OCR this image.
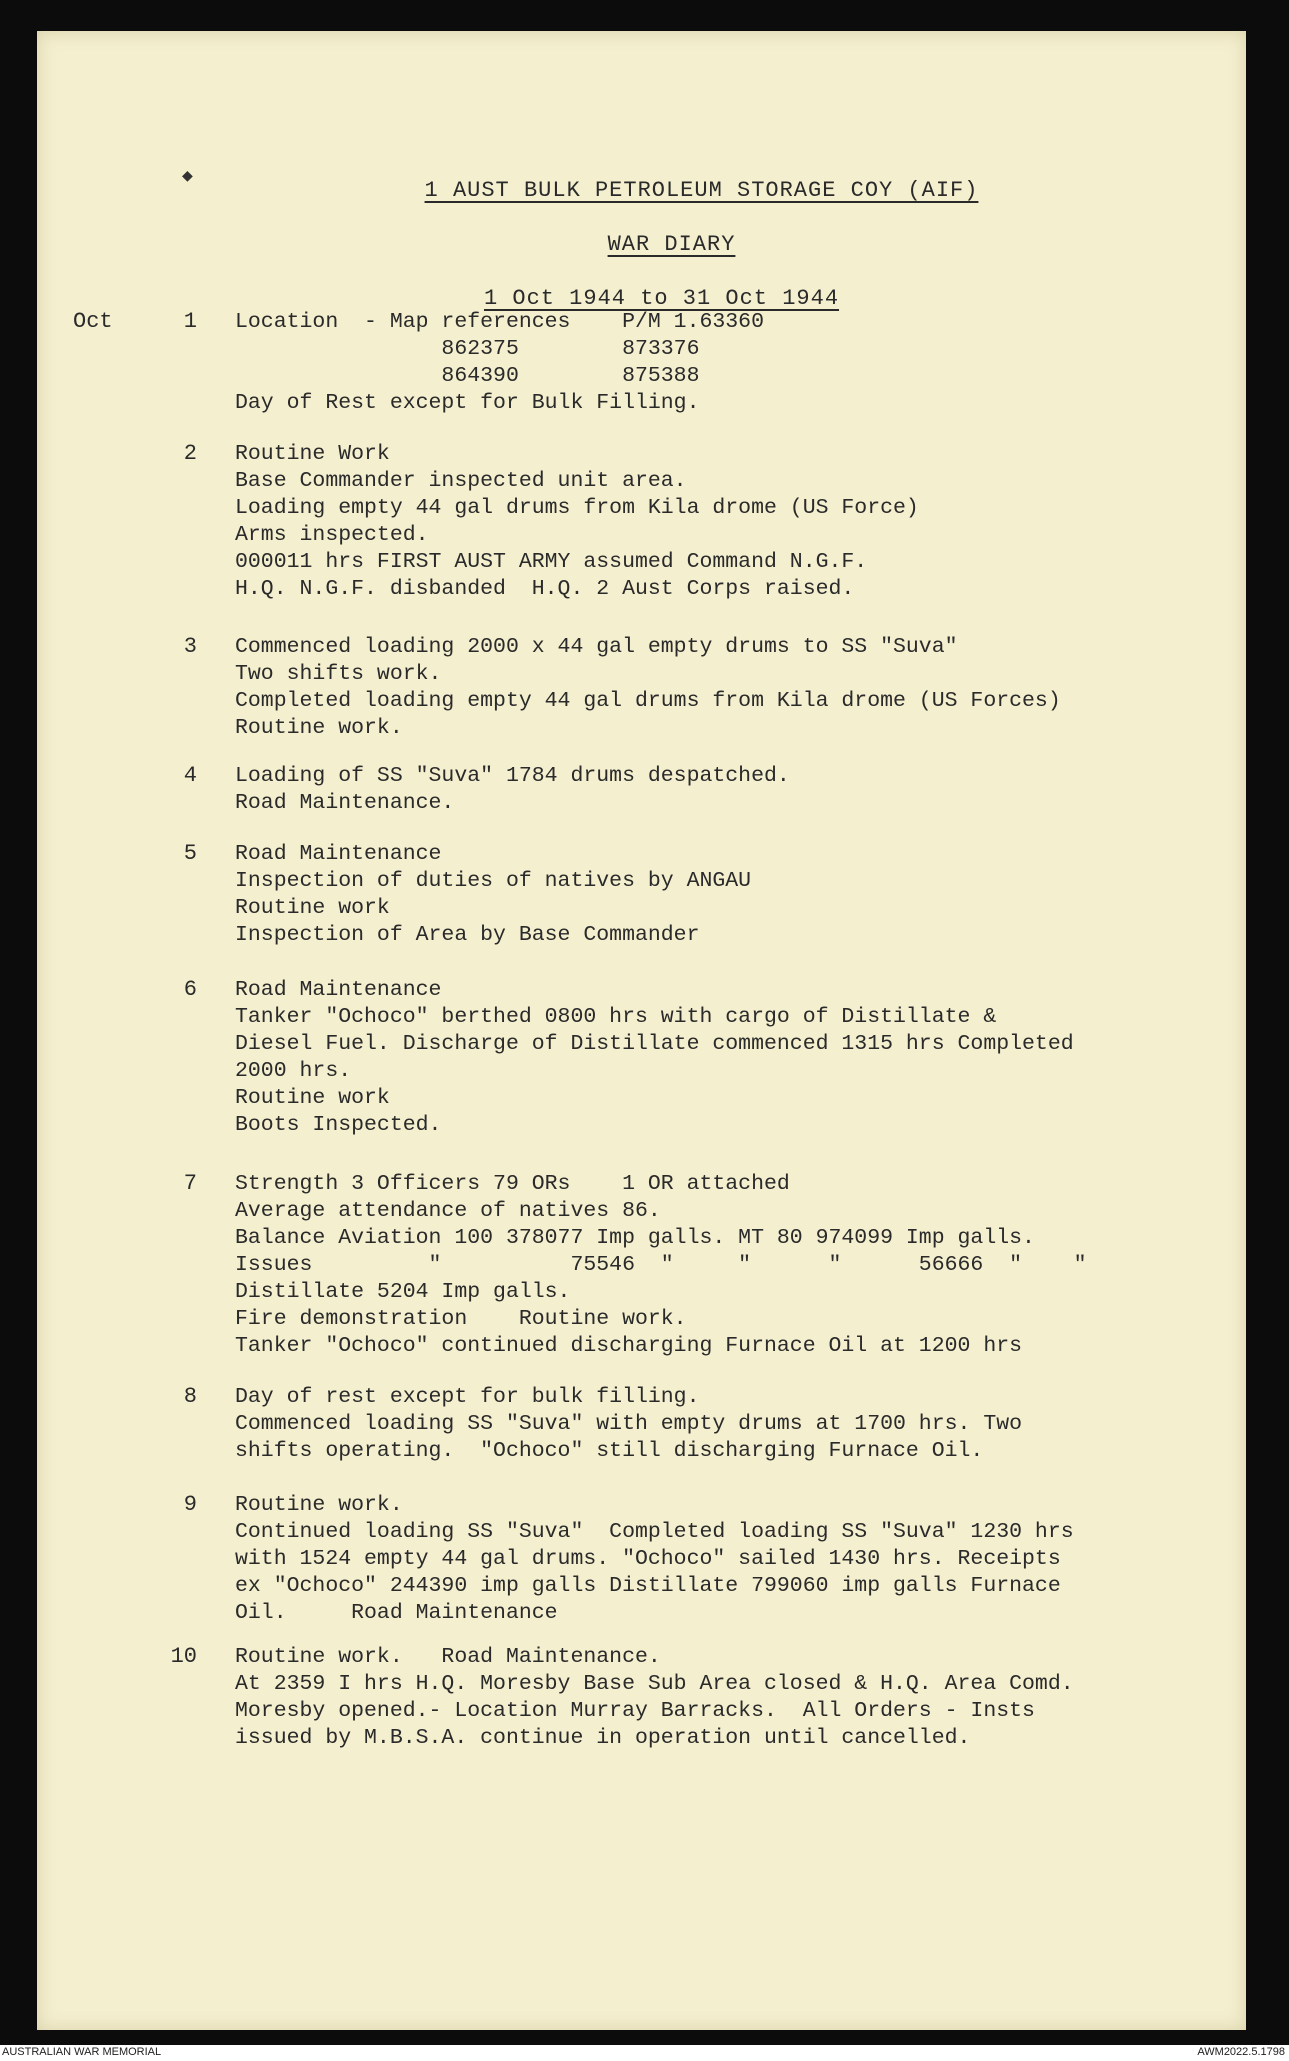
◆
1 AUST BULK PETROLEUM STORAGE COY (AIF)
WAR DIARY
1 Oct 1944 to 31 Oct 1944
Oct	1 Location  - Map references    P/M 1.63360
862375        873376
864390        875388
Day of Rest except for Bulk Filling.
2 Routine Work
Base Commander inspected unit area.
Loading empty 44 gal drums from Kila drome (US Force)
Arms inspected.
000011 hrs FIRST AUST ARMY assumed Command N.G.F.
H.Q. N.G.F. disbanded  H.Q. 2 Aust Corps raised.
3 Commenced loading 2000 x 44 gal empty drums to SS "Suva"
Two shifts work.
Completed loading empty 44 gal drums from Kila drome (US Forces)
Routine work.
4 Loading of SS "Suva" 1784 drums despatched.
Road Maintenance.
5 Road Maintenance
Inspection of duties of natives by ANGAU
Routine work
Inspection of Area by Base Commander
6 Road Maintenance
Tanker "Ochoco" berthed 0800 hrs with cargo of Distillate &
Diesel Fuel. Discharge of Distillate commenced 1315 hrs Completed
2000 hrs.
Routine work
Boots Inspected.
7 Strength 3 Officers 79 ORs    1 OR attached
Average attendance of natives 86.
Balance Aviation 100 378077 Imp galls. MT 80 974099 Imp galls.
Issues         "          75546  "     "      "      56666  "    "
Distillate 5204 Imp galls.
Fire demonstration    Routine work.
Tanker "Ochoco" continued discharging Furnace Oil at 1200 hrs
8 Day of rest except for bulk filling.
Commenced loading SS "Suva" with empty drums at 1700 hrs. Two
shifts operating.  "Ochoco" still discharging Furnace Oil.
9 Routine work.
Continued loading SS "Suva"  Completed loading SS "Suva" 1230 hrs
with 1524 empty 44 gal drums. "Ochoco" sailed 1430 hrs. Receipts
ex "Ochoco" 244390 imp galls Distillate 799060 imp galls Furnace
Oil.     Road Maintenance
10 Routine work.   Road Maintenance.
At 2359 I hrs H.Q. Moresby Base Sub Area closed & H.Q. Area Comd.
Moresby opened.- Location Murray Barracks.  All Orders - Insts
issued by M.B.S.A. continue in operation until cancelled.
AUSTRALIAN WAR MEMORIAL	AWM2022.5.1798
